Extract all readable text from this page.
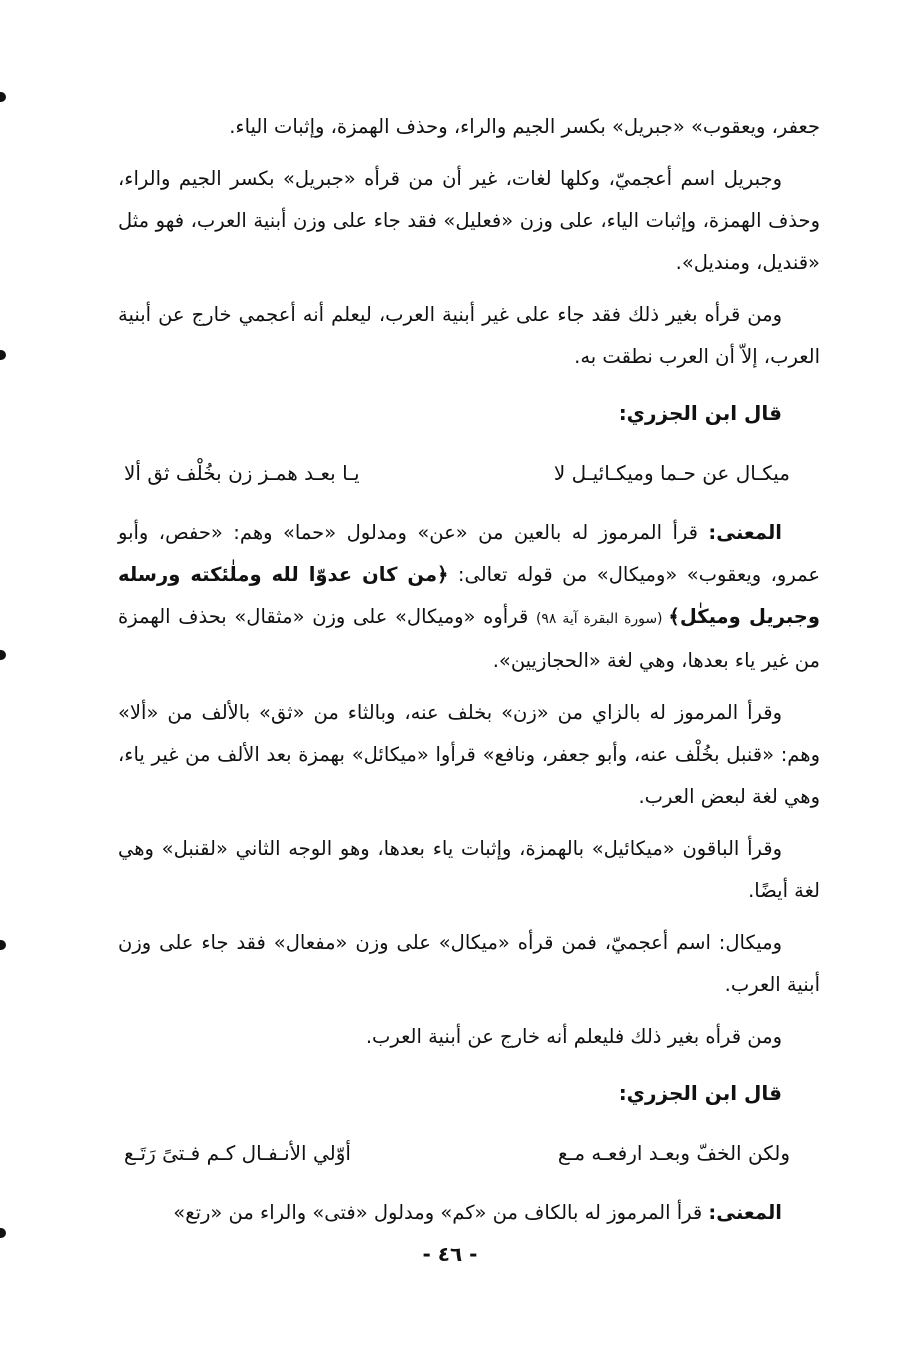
جعفر، ويعقوب» «جبريل» بكسر الجيم والراء، وحذف الهمزة، وإثبات الياء.

وجبريل اسم أعجميّ، وكلها لغات، غير أن من قرأه «جبريل» بكسر الجيم والراء، وحذف الهمزة، وإثبات الياء، على وزن «فعليل» فقد جاء على وزن أبنية العرب، فهو مثل «قنديل، ومنديل».

ومن قرأه بغير ذلك فقد جاء على غير أبنية العرب، ليعلم أنه أعجمي خارج عن أبنية العرب، إلاّ أن العرب نطقت به.

قال ابن الجزري:
ميكـال عن حـما وميكـائيـل لا
يـا بعـد همـز زن بخُلْف ثق ألا

المعنى: قرأ المرموز له بالعين من «عن» ومدلول «حما» وهم: «حفص، وأبو عمرو، ويعقوب» «وميكال» من قوله تعالى: ﴿من كان عدوّا لله وملٰئكته ورسله وجبريل وميكٰل﴾ (سورة البقرة آية ٩٨) قرأوه «وميكال» على وزن «مثقال» بحذف الهمزة من غير ياء بعدها، وهي لغة «الحجازيين».

وقرأ المرموز له بالزاي من «زن» بخلف عنه، وبالثاء من «ثق» بالألف من «ألا» وهم: «قنبل بخُلْف عنه، وأبو جعفر، ونافع» قرأوا «ميكائل» بهمزة بعد الألف من غير ياء، وهي لغة لبعض العرب.

وقرأ الباقون «ميكائيل» بالهمزة، وإثبات ياء بعدها، وهو الوجه الثاني «لقنبل» وهي لغة أيضًا.

وميكال: اسم أعجميّ، فمن قرأه «ميكال» على وزن «مفعال» فقد جاء على وزن أبنية العرب.

ومن قرأه بغير ذلك فليعلم أنه خارج عن أبنية العرب.

قال ابن الجزري:
ولكن الخفّ وبعـد ارفعـه مـع
أوّلي الأنـفـال كـم فـتىً رَتَـع

المعنى: قرأ المرموز له بالكاف من «كم» ومدلول «فتى» والراء من «رتع»

- ٤٦ -
